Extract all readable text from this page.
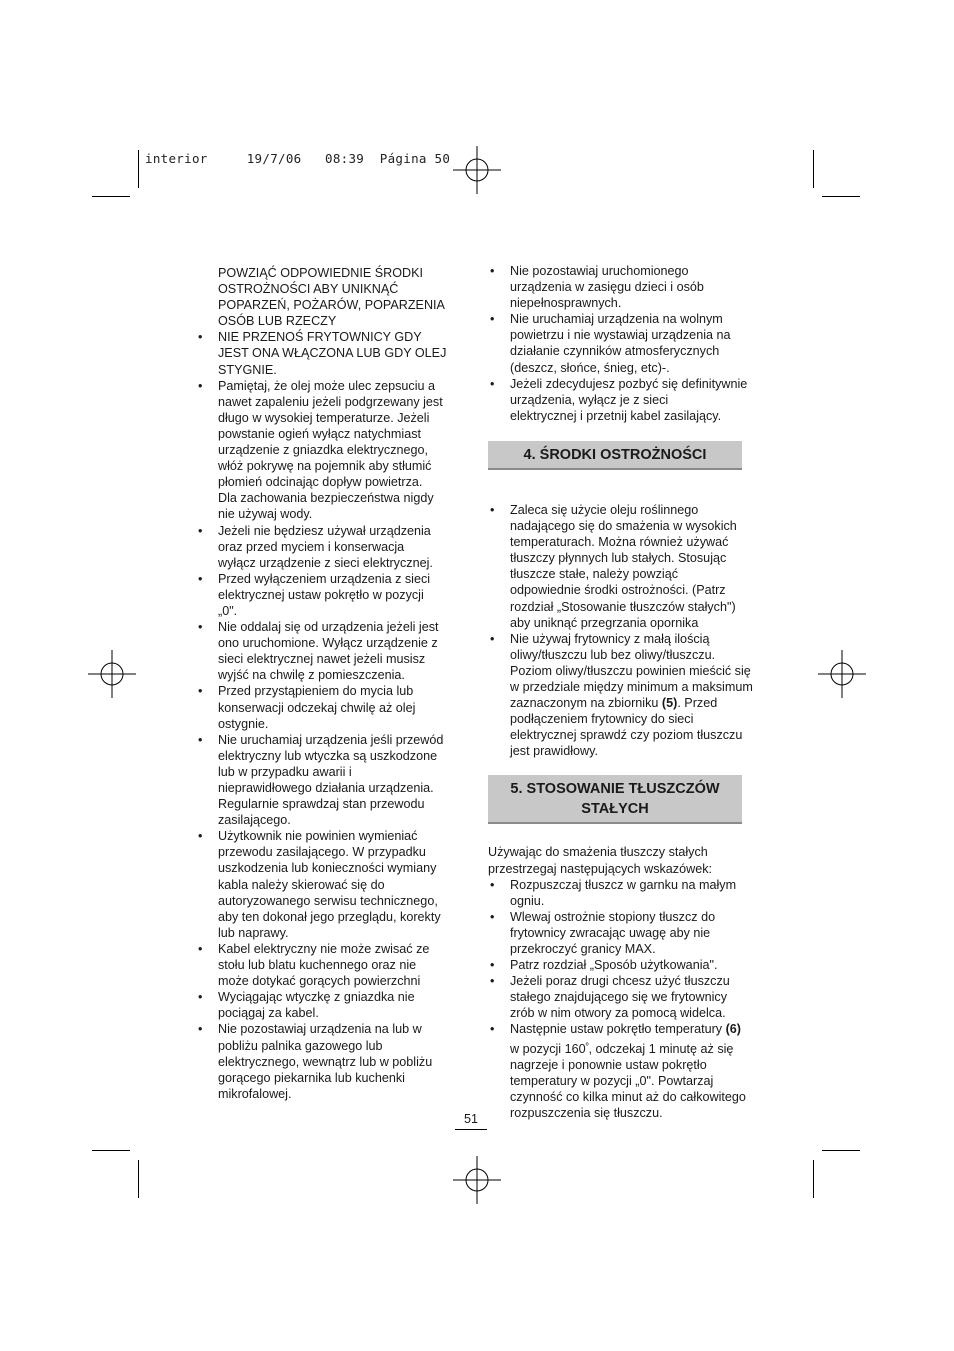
interior     19/7/06   08:39  Página 50

POWZIĄĆ ODPOWIEDNIE ŚRODKI
OSTROŻNOŚCI ABY UNIKNĄĆ
POPARZEŃ, POŻARÓW, POPARZENIA
OSÓB LUB RZECZY

• NIE PRZENOŚ FRYTOWNICY GDY
JEST ONA WŁĄCZONA LUB GDY OLEJ
STYGNIE.
• Pamiętaj, że olej może ulec zepsuciu a
nawet zapaleniu jeżeli podgrzewany jest
długo w wysokiej temperaturze. Jeżeli
powstanie ogień wyłącz natychmiast
urządzenie z gniazdka elektrycznego,
włóż pokrywę na pojemnik aby stłumić
płomień odcinając dopływ powietrza.
Dla zachowania bezpieczeństwa nigdy
nie używaj wody.
• Jeżeli nie będziesz używał urządzenia
oraz przed myciem i konserwacja
wyłącz urządzenie z sieci elektrycznej.
• Przed wyłączeniem urządzenia z sieci
elektrycznej ustaw pokrętło w pozycji
„0".
• Nie oddalaj się od urządzenia jeżeli jest
ono uruchomione. Wyłącz urządzenie z
sieci elektrycznej nawet jeżeli musisz
wyjść na chwilę z pomieszczenia.
• Przed przystąpieniem do mycia lub
konserwacji odczekaj chwilę aż olej
ostygnie.
• Nie uruchamiaj urządzenia jeśli przewód
elektryczny lub wtyczka są uszkodzone
lub w przypadku awarii i
nieprawidłowego działania urządzenia.
Regularnie sprawdzaj stan przewodu
zasilającego.
• Użytkownik nie powinien wymieniać
przewodu zasilającego. W przypadku
uszkodzenia lub konieczności wymiany
kabla należy skierować się do
autoryzowanego serwisu technicznego,
aby ten dokonał jego przeglądu, korekty
lub naprawy.
• Kabel elektryczny nie może zwisać ze
stołu lub blatu kuchennego oraz nie
może dotykać gorących powierzchni
• Wyciągając wtyczkę z gniazdka nie
pociągaj za kabel.
• Nie pozostawiaj urządzenia na lub w
pobliżu palnika gazowego lub
elektrycznego, wewnątrz lub w pobliżu
gorącego piekarnika lub kuchenki
mikrofalowej.
• Nie pozostawiaj uruchomionego
urządzenia w zasięgu dzieci i osób
niepełnosprawnych.
• Nie uruchamiaj urządzenia na wolnym
powietrzu i nie wystawiaj urządzenia na
działanie czynników atmosferycznych
(deszcz, słońce, śnieg, etc)-.
• Jeżeli zdecydujesz pozbyć się definitywnie
urządzenia, wyłącz je z sieci
elektrycznej i przetnij kabel zasilający.
4. ŚRODKI OSTROŻNOŚCI
• Zaleca się użycie oleju roślinnego
nadającego się do smażenia w wysokich
temperaturach. Można również używać
tłuszczy płynnych lub stałych. Stosując
tłuszcze stałe, należy powziąć
odpowiednie środki ostrożności. (Patrz
rozdział „Stosowanie tłuszczów stałych")
aby uniknąć przegrzania opornika
• Nie używaj frytownicy z małą ilością
oliwy/tłuszczu lub bez oliwy/tłuszczu.
Poziom oliwy/tłuszczu powinien mieścić się
w przedziale między minimum a maksimum
zaznaczonym na zbiorniku (5). Przed
podłączeniem frytownicy do sieci
elektrycznej sprawdź czy poziom tłuszczu
jest prawidłowy.
5. STOSOWANIE TŁUSZCZÓW
STAŁYCH

Używając do smażenia tłuszczy stałych
przestrzegaj następujących wskazówek:

• Rozpuszczaj tłuszcz w garnku na małym
ogniu.
• Wlewaj ostrożnie stopiony tłuszcz do
frytownicy zwracając uwagę aby nie
przekroczyć granicy MAX.
• Patrz rozdział „Sposób użytkowania".
• Jeżeli poraz drugi chcesz użyć tłuszczu
stałego znajdującego się we frytownicy
zrób w nim otwory za pomocą widelca.
• Następnie ustaw pokrętło temperatury (6)
w pozycji $160^º$, odczekaj 1 minutę aż się
nagrzeje i ponownie ustaw pokrętło
temperatury w pozycji „0". Powtarzaj
czynność co kilka minut aż do całkowitego
rozpuszczenia się tłuszczu.
51
